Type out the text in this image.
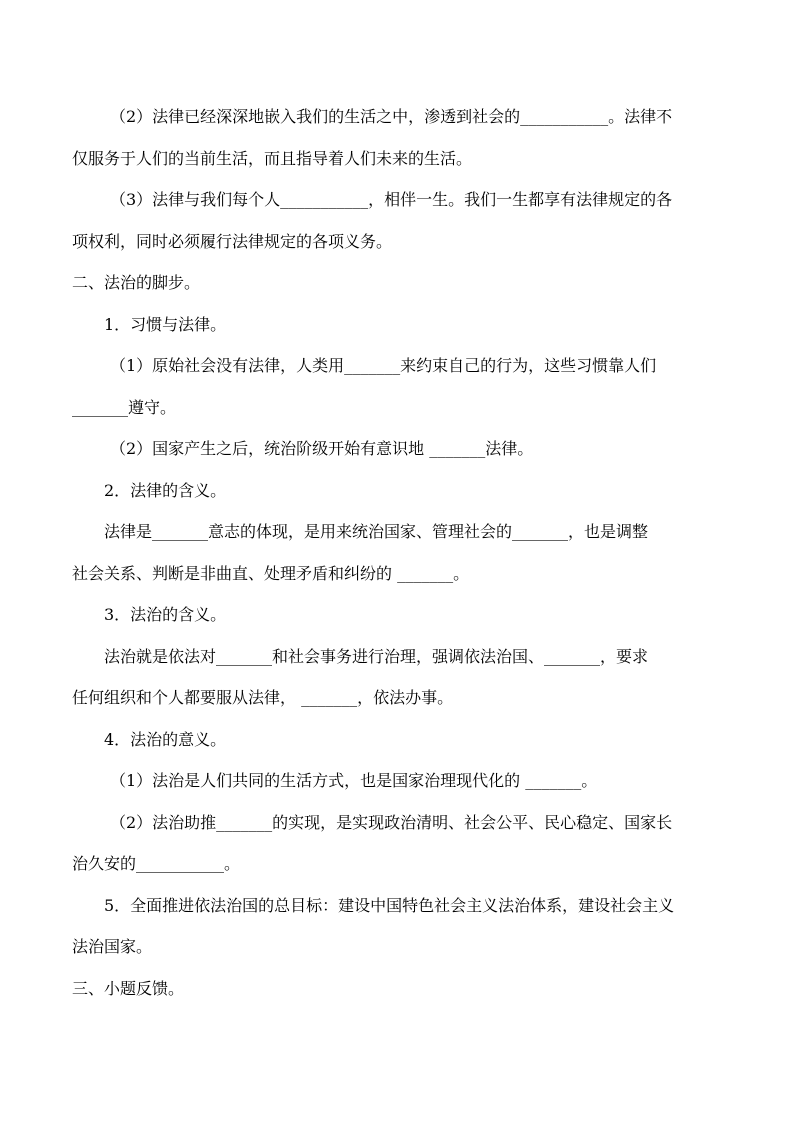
（2）法律已经深深地嵌入我们的生活之中，渗透到社会的___________。法律不

仅服务于人们的当前生活，而且指导着人们未来的生活。

（3）法律与我们每个人___________，相伴一生。我们一生都享有法律规定的各

项权利，同时必须履行法律规定的各项义务。

二、法治的脚步。

1．习惯与法律。

（1）原始社会没有法律，人类用_______来约束自己的行为，这些习惯靠人们

_______遵守。

（2）国家产生之后，统治阶级开始有意识地 _______法律。

2．法律的含义。

法律是_______意志的体现，是用来统治国家、管理社会的_______，也是调整

社会关系、判断是非曲直、处理矛盾和纠纷的 _______。

3．法治的含义。

法治就是依法对_______和社会事务进行治理，强调依法治国、_______，要求

任何组织和个人都要服从法律， _______，依法办事。

4．法治的意义。

（1）法治是人们共同的生活方式，也是国家治理现代化的 _______。

（2）法治助推_______的实现，是实现政治清明、社会公平、民心稳定、国家长

治久安的___________。

5．全面推进依法治国的总目标：建设中国特色社会主义法治体系，建设社会主义

法治国家。

三、小题反馈。
